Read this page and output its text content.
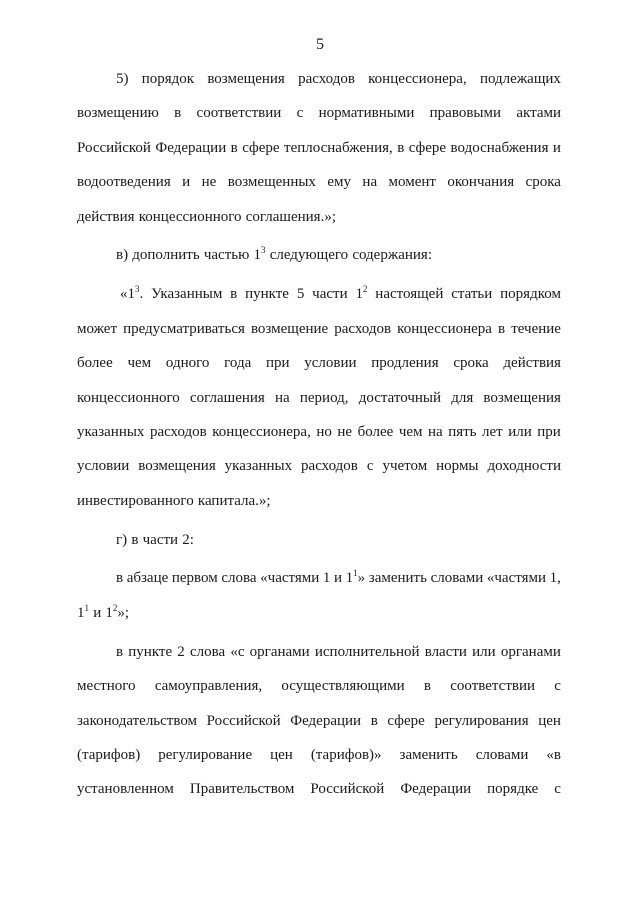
5
5) порядок возмещения расходов концессионера, подлежащих
возмещению в соответствии с нормативными правовыми актами
Российской Федерации в сфере теплоснабжения, в сфере водоснабжения и
водоотведения и не возмещенных ему на момент окончания срока
действия концессионного соглашения.»;
в) дополнить частью $1^3$ следующего содержания:
«$1^3$. Указанным в пункте 5 части $1^2$ настоящей статьи порядком
может предусматриваться возмещение расходов концессионера в течение
более чем одного года при условии продления срока действия
концессионного соглашения на период, достаточный для возмещения
указанных расходов концессионера, но не более чем на пять лет или при
условии возмещения указанных расходов с учетом нормы доходности
инвестированного капитала.»;
г) в части 2:
в абзаце первом слова «частями 1 и $1^1$» заменить словами «частями 1,
$1^1$ и $1^2$»;
в пункте 2 слова «с органами исполнительной власти или органами
местного самоуправления, осуществляющими в соответствии с
законодательством Российской Федерации в сфере регулирования цен
(тарифов) регулирование цен (тарифов)» заменить словами «в
установленном Правительством Российской Федерации порядке с
